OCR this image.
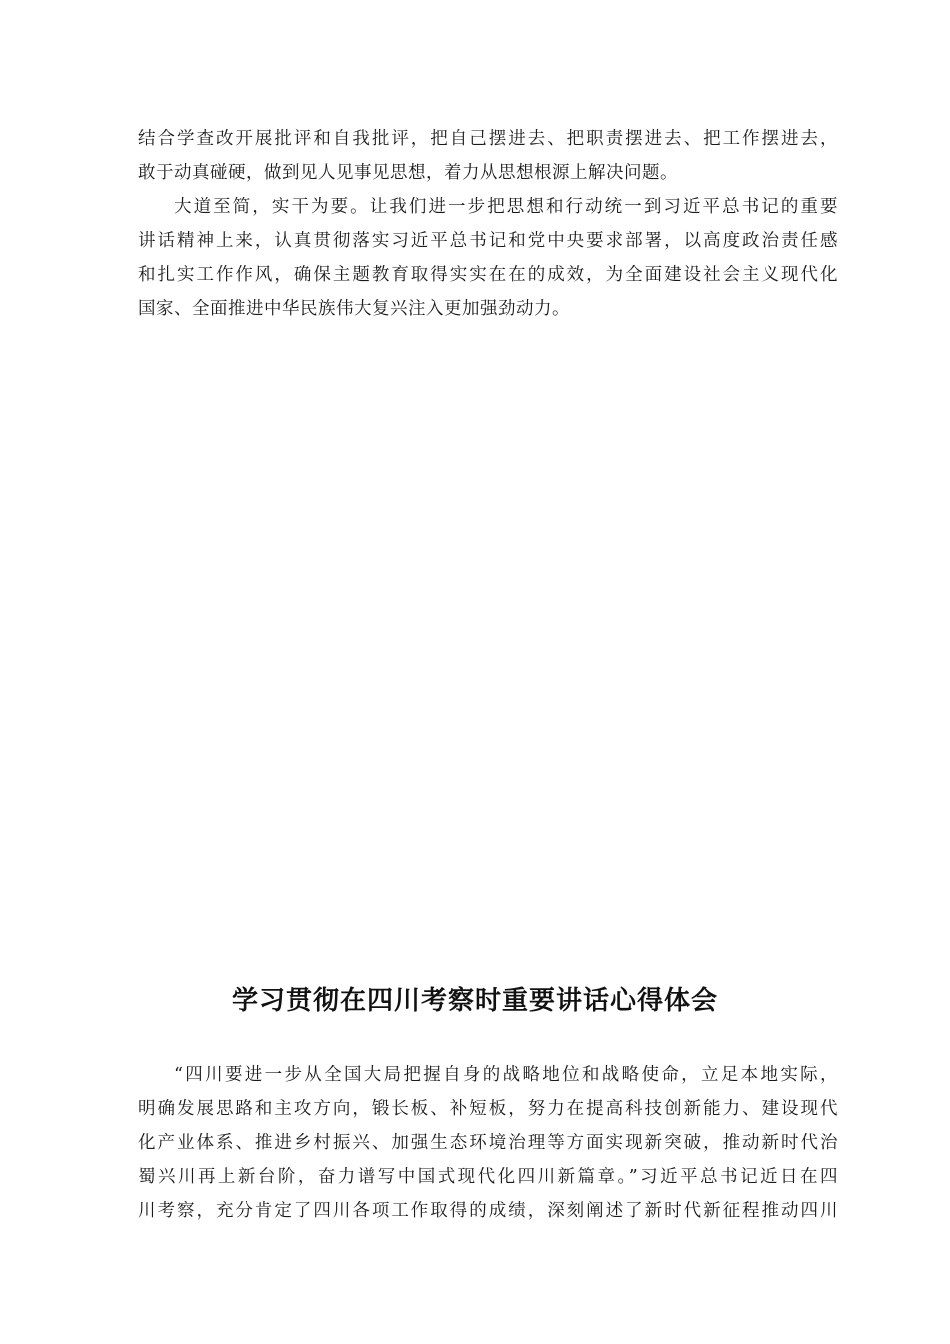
结合学查改开展批评和自我批评，把自己摆进去、把职责摆进去、把工作摆进去，
敢于动真碰硬，做到见人见事见思想，着力从思想根源上解决问题。
大道至简，实干为要。让我们进一步把思想和行动统一到习近平总书记的重要
讲话精神上来，认真贯彻落实习近平总书记和党中央要求部署，以高度政治责任感
和扎实工作作风，确保主题教育取得实实在在的成效，为全面建设社会主义现代化
国家、全面推进中华民族伟大复兴注入更加强劲动力。
学习贯彻在四川考察时重要讲话心得体会
“四川要进一步从全国大局把握自身的战略地位和战略使命，立足本地实际，
明确发展思路和主攻方向，锻长板、补短板，努力在提高科技创新能力、建设现代
化产业体系、推进乡村振兴、加强生态环境治理等方面实现新突破，推动新时代治
蜀兴川再上新台阶，奋力谱写中国式现代化四川新篇章。”习近平总书记近日在四
川考察，充分肯定了四川各项工作取得的成绩，深刻阐述了新时代新征程推动四川
